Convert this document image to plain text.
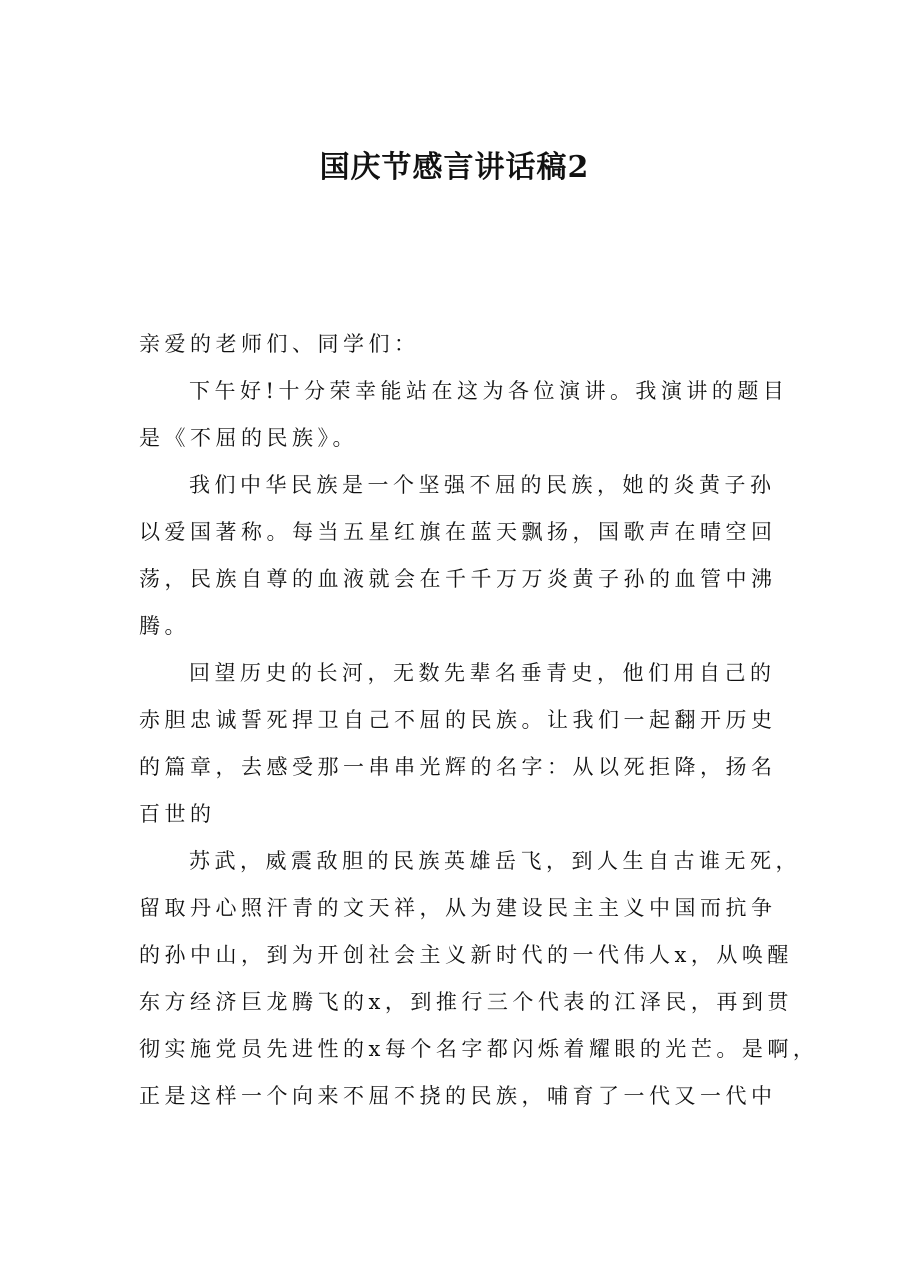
国庆节感言讲话稿2
亲爱的老师们、同学们：
下午好!十分荣幸能站在这为各位演讲。我演讲的题目
是《不屈的民族》。
我们中华民族是一个坚强不屈的民族，她的炎黄子孙
以爱国著称。每当五星红旗在蓝天飘扬，国歌声在晴空回
荡，民族自尊的血液就会在千千万万炎黄子孙的血管中沸
腾。
回望历史的长河，无数先辈名垂青史，他们用自己的
赤胆忠诚誓死捍卫自己不屈的民族。让我们一起翻开历史
的篇章，去感受那一串串光辉的名字：从以死拒降，扬名
百世的
苏武，威震敌胆的民族英雄岳飞，到人生自古谁无死，
留取丹心照汗青的文天祥，从为建设民主主义中国而抗争
的孙中山，到为开创社会主义新时代的一代伟人x，从唤醒
东方经济巨龙腾飞的x，到推行三个代表的江泽民，再到贯
彻实施党员先进性的x每个名字都闪烁着耀眼的光芒。是啊，
正是这样一个向来不屈不挠的民族，哺育了一代又一代中
